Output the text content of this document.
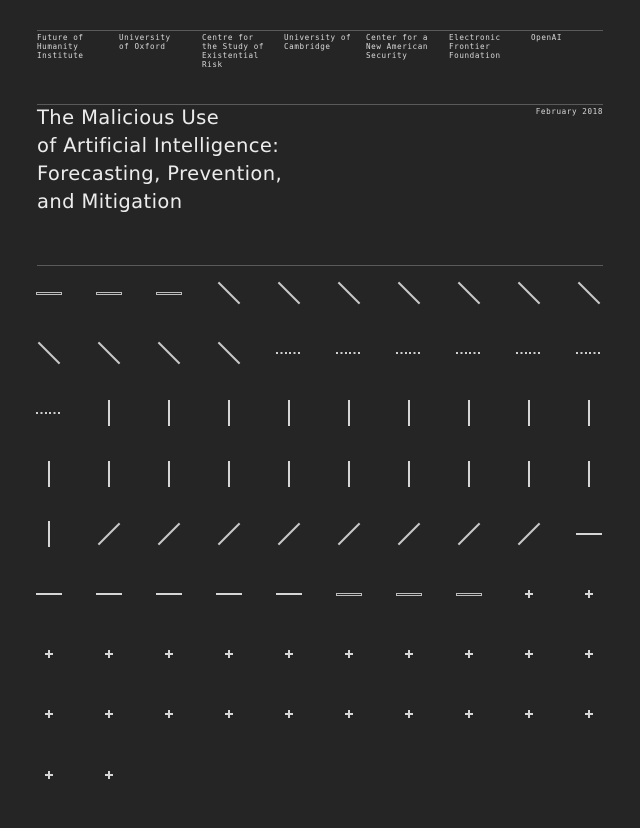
Future of
Humanity
Institute
University
of Oxford
Centre for
the Study of
Existential
Risk
University of
Cambridge
Center for a
New American
Security
Electronic
Frontier
Foundation
OpenAI
The Malicious Use
of Artificial Intelligence:
Forecasting, Prevention,
and Mitigation
February 2018
